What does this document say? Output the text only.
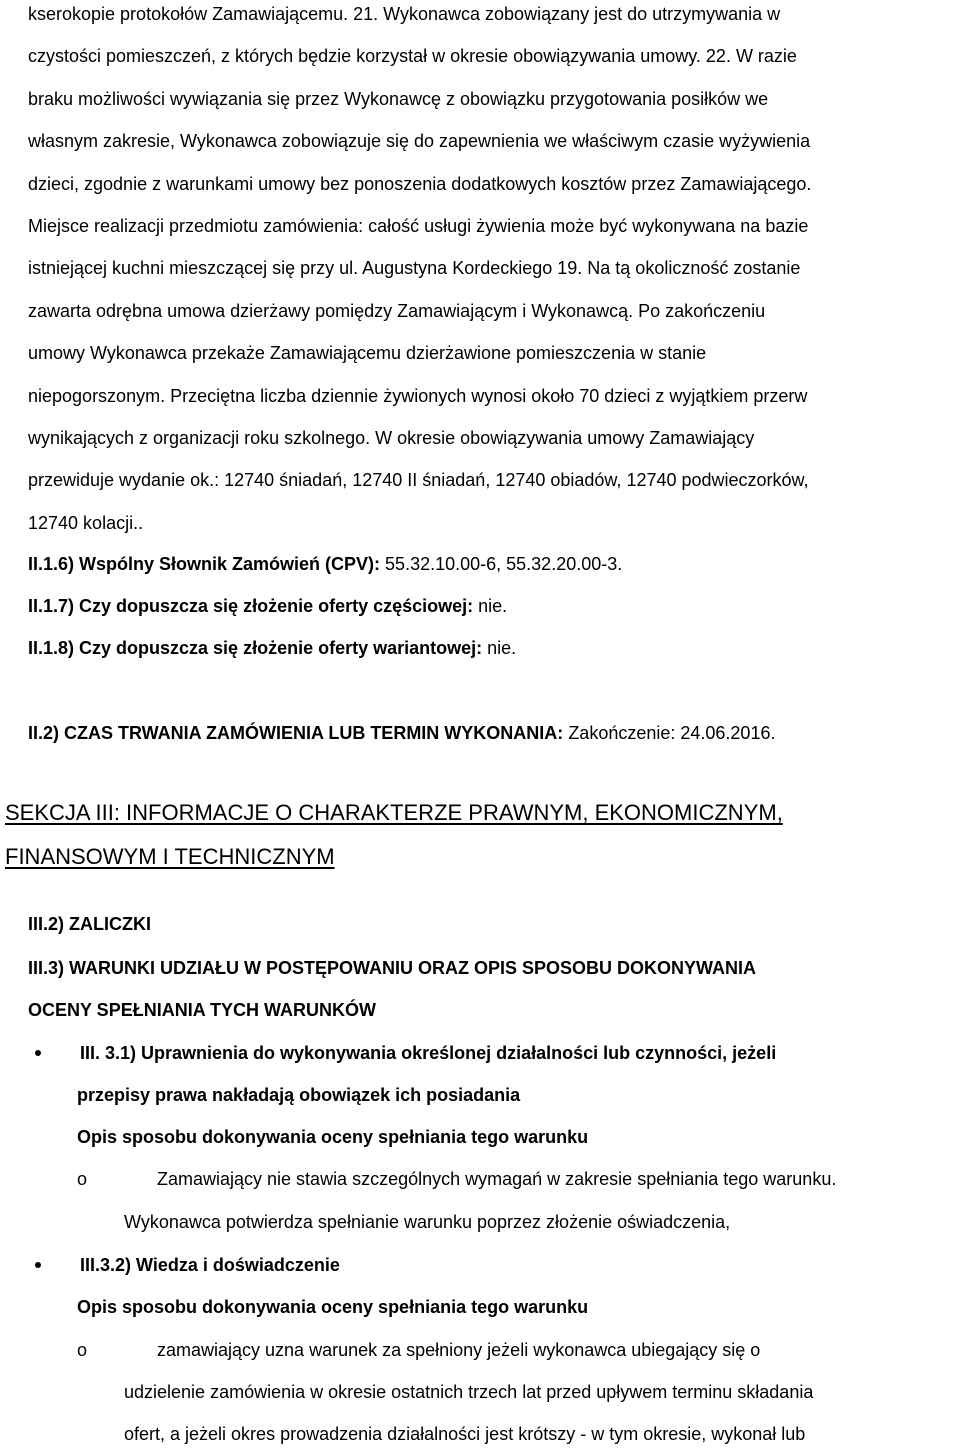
kserokopie protokołów Zamawiającemu. 21. Wykonawca zobowiązany jest do utrzymywania w
czystości pomieszczeń, z których będzie korzystał w okresie obowiązywania umowy. 22. W razie
braku możliwości wywiązania się przez Wykonawcę z obowiązku przygotowania posiłków we
własnym zakresie, Wykonawca zobowiązuje się do zapewnienia we właściwym czasie wyżywienia
dzieci, zgodnie z warunkami umowy bez ponoszenia dodatkowych kosztów przez Zamawiającego.
Miejsce realizacji przedmiotu zamówienia: całość usługi żywienia może być wykonywana na bazie
istniejącej kuchni mieszczącej się przy ul. Augustyna Kordeckiego 19. Na tą okoliczność zostanie
zawarta odrębna umowa dzierżawy pomiędzy Zamawiającym i Wykonawcą. Po zakończeniu
umowy Wykonawca przekaże Zamawiającemu dzierżawione pomieszczenia w stanie
niepogorszonym. Przeciętna liczba dziennie żywionych wynosi około 70 dzieci z wyjątkiem przerw
wynikających z organizacji roku szkolnego. W okresie obowiązywania umowy Zamawiający
przewiduje wydanie ok.: 12740 śniadań, 12740 II śniadań, 12740 obiadów, 12740 podwieczorków,
12740 kolacji..

II.1.6) Wspólny Słownik Zamówień (CPV): 55.32.10.00-6, 55.32.20.00-3.
II.1.7) Czy dopuszcza się złożenie oferty częściowej: nie.
II.1.8) Czy dopuszcza się złożenie oferty wariantowej: nie.
II.2) CZAS TRWANIA ZAMÓWIENIA LUB TERMIN WYKONANIA: Zakończenie: 24.06.2016.
SEKCJA III: INFORMACJE O CHARAKTERZE PRAWNYM, EKONOMICZNYM,
FINANSOWYM I TECHNICZNYM
III.2) ZALICZKI
III.3) WARUNKI UDZIAŁU W POSTĘPOWANIU ORAZ OPIS SPOSOBU DOKONYWANIA
OCENY SPEŁNIANIA TYCH WARUNKÓW
III. 3.1) Uprawnienia do wykonywania określonej działalności lub czynności, jeżeli
przepisy prawa nakładają obowiązek ich posiadania
Opis sposobu dokonywania oceny spełniania tego warunku
o	Zamawiający nie stawia szczególnych wymagań w zakresie spełniania tego warunku.
Wykonawca potwierdza spełnianie warunku poprzez złożenie oświadczenia,
III.3.2) Wiedza i doświadczenie
Opis sposobu dokonywania oceny spełniania tego warunku
o	zamawiający uzna warunek za spełniony jeżeli wykonawca ubiegający się o
udzielenie zamówienia w okresie ostatnich trzech lat przed upływem terminu składania
ofert, a jeżeli okres prowadzenia działalności jest krótszy - w tym okresie, wykonał lub
